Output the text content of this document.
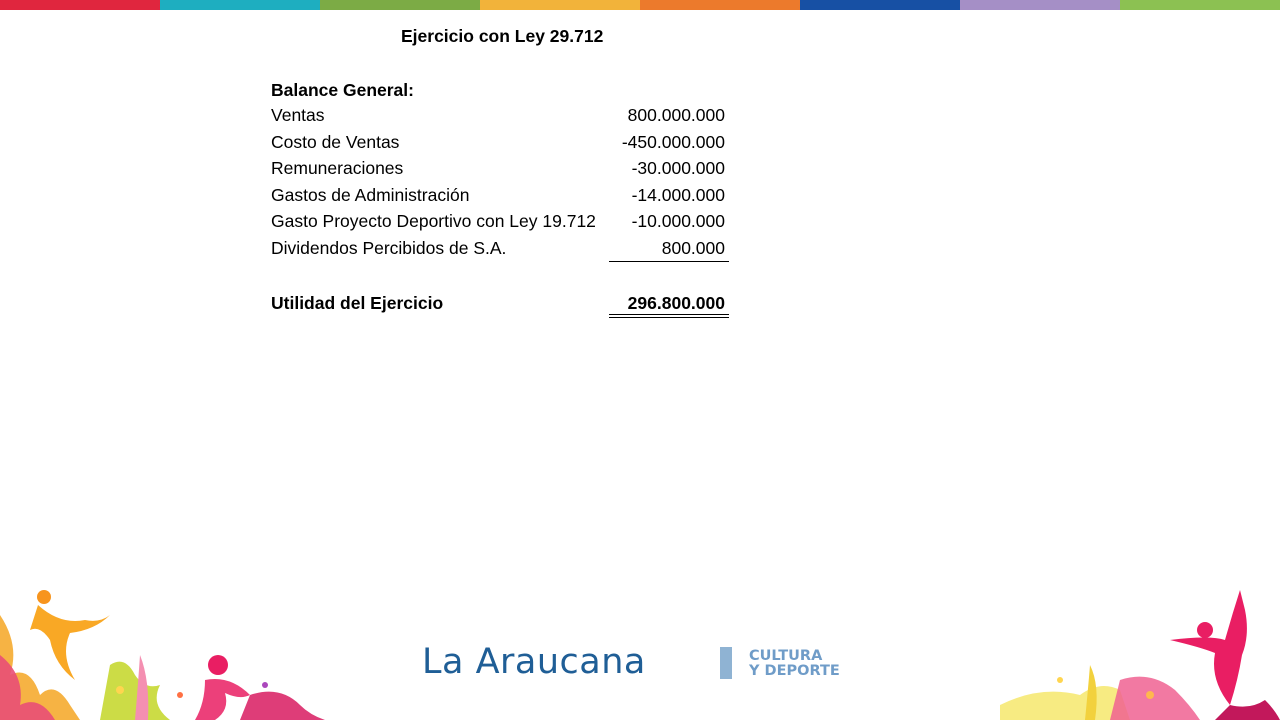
Ejercicio con Ley 29.712
Balance General:
Ventas	800.000.000
Costo de Ventas	-450.000.000
Remuneraciones	-30.000.000
Gastos de Administración	-14.000.000
Gasto Proyecto Deportivo con Ley 19.712 -10.000.000
Dividendos Percibidos de S.A.	800.000
Utilidad del Ejercicio	296.800.000
La Araucana	CULTURA
Y DEPORTE
